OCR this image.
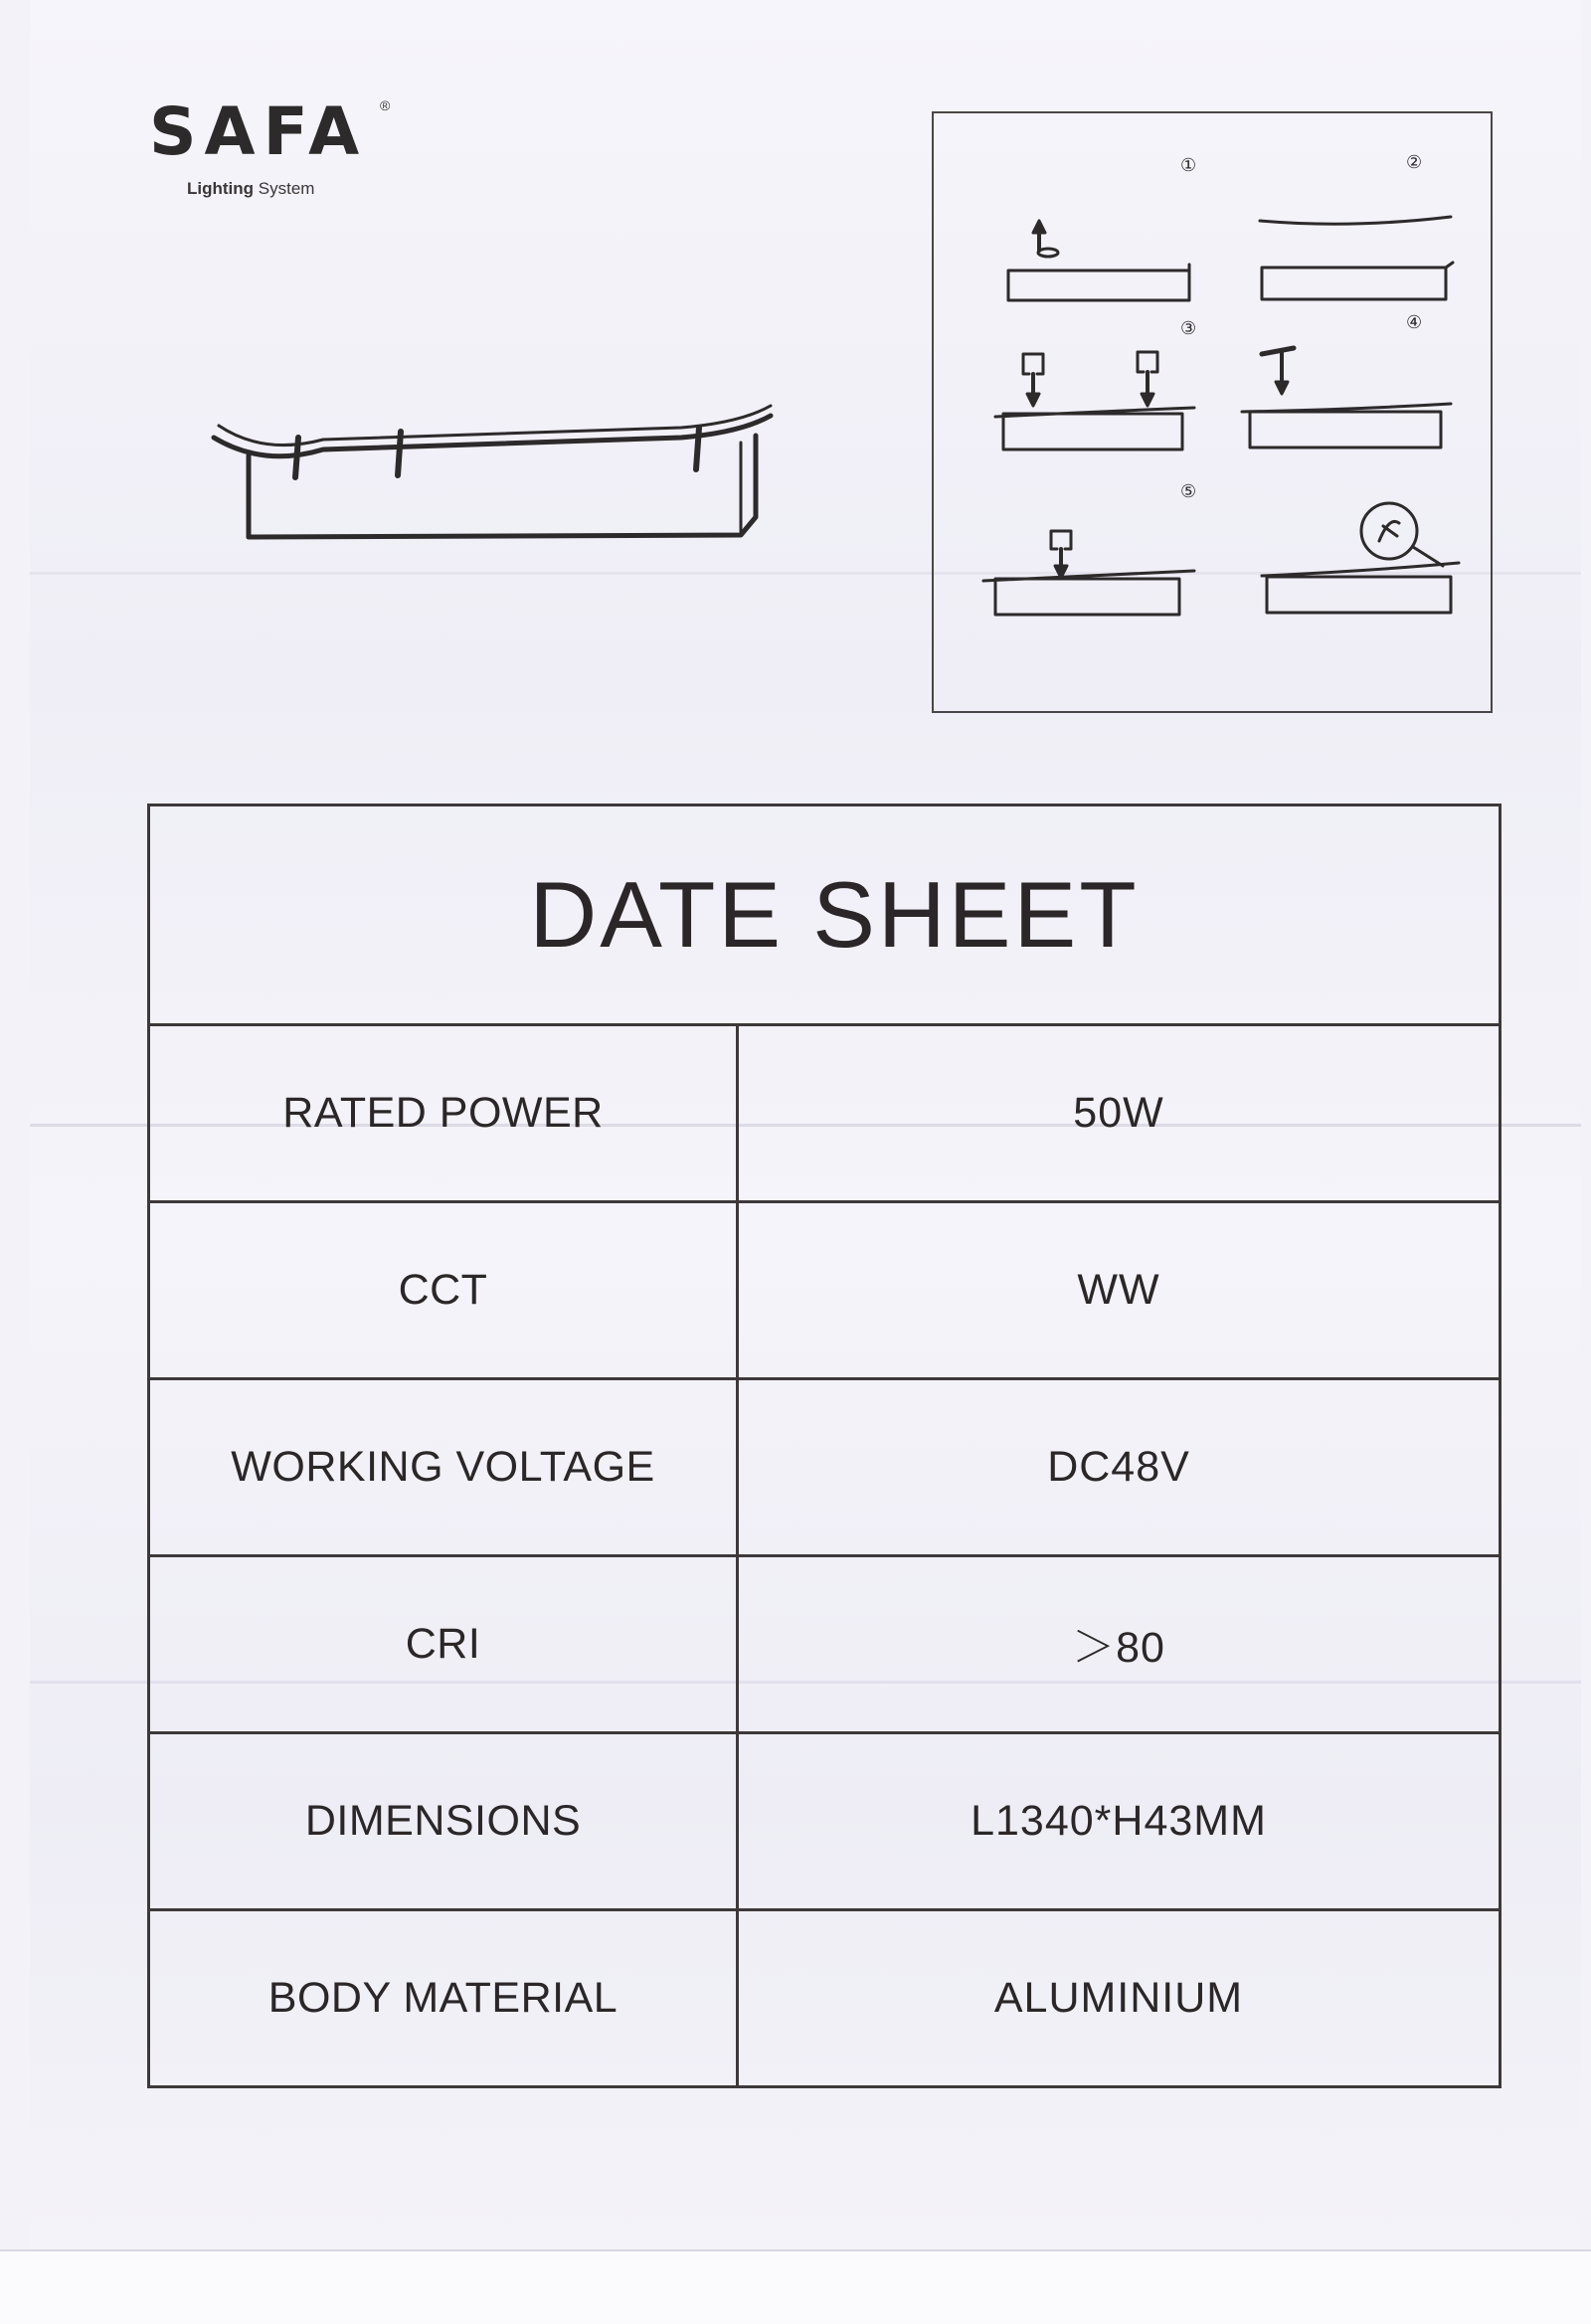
SAFA ®
Lighting System
①	②
③	④
⑤
DATE SHEET
RATED POWER	50W
CCT	WW
WORKING VOLTAGE	DC48V
CRI	＞80
DIMENSIONS	L1340*H43MM
BODY MATERIAL	ALUMINIUM
